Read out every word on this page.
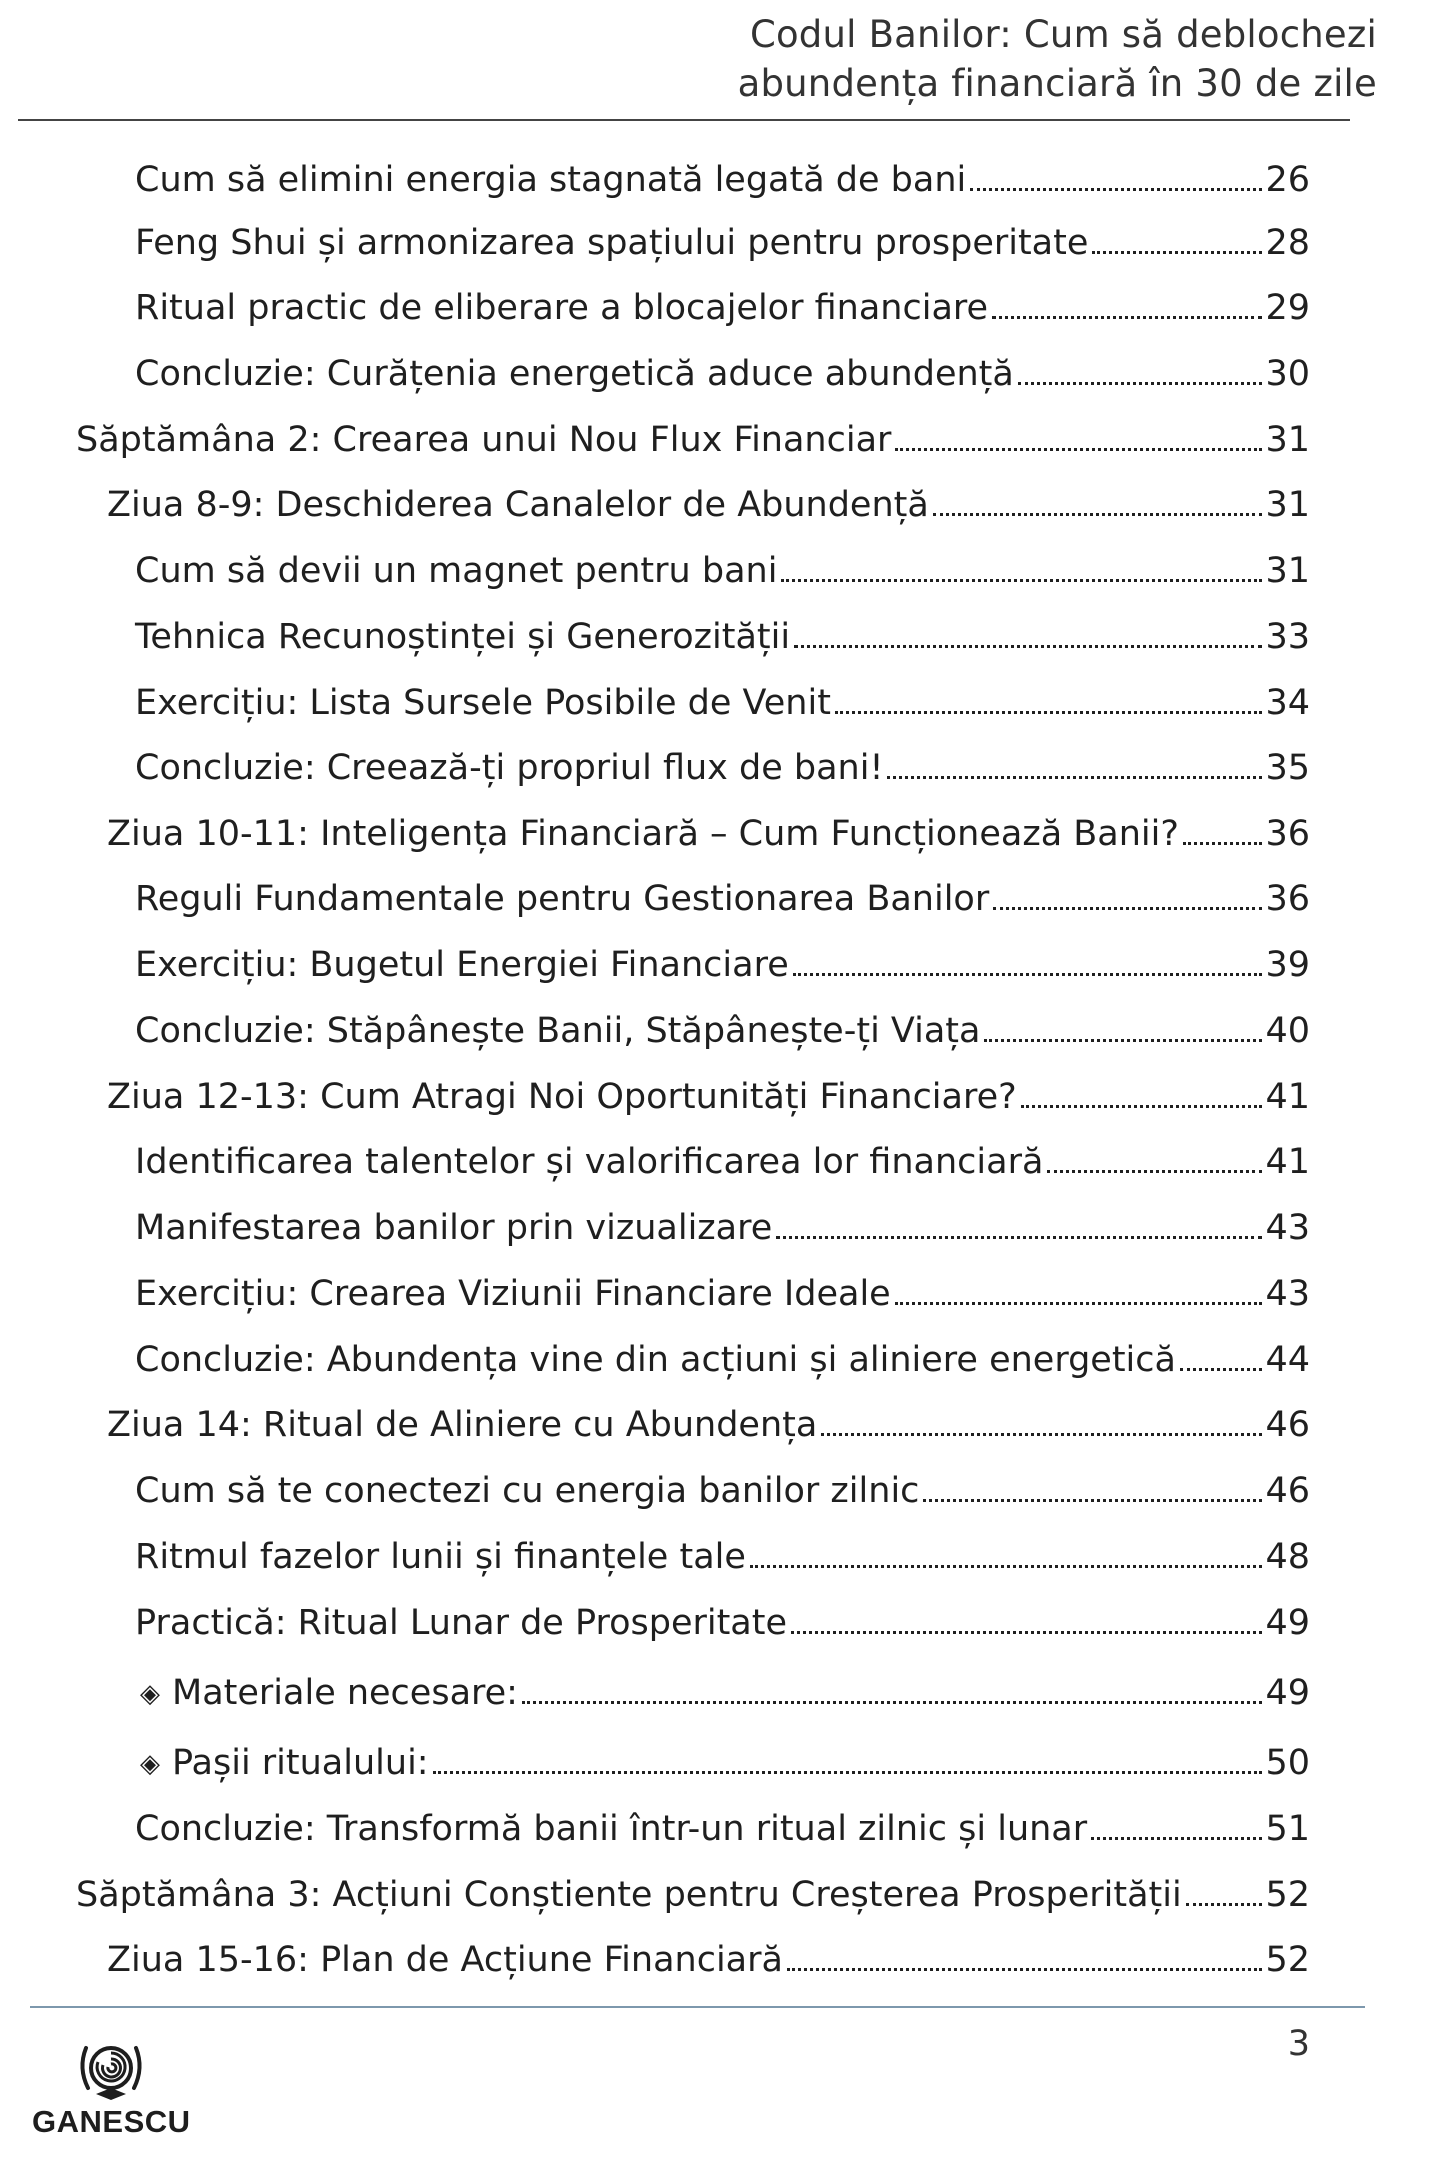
Codul Banilor: Cum să deblochezi
abundența financiară în 30 de zile
Cum să elimini energia stagnată legată de bani	26
Feng Shui și armonizarea spațiului pentru prosperitate	28
Ritual practic de eliberare a blocajelor financiare	29
Concluzie: Curățenia energetică aduce abundență	30
Săptămâna 2: Crearea unui Nou Flux Financiar	31
Ziua 8-9: Deschiderea Canalelor de Abundență	31
Cum să devii un magnet pentru bani	31
Tehnica Recunoștinței și Generozității	33
Exercițiu: Lista Sursele Posibile de Venit	34
Concluzie: Creează-ți propriul flux de bani!	35
Ziua 10-11: Inteligența Financiară – Cum Funcționează Banii? 36
Reguli Fundamentale pentru Gestionarea Banilor	36
Exercițiu: Bugetul Energiei Financiare	39
Concluzie: Stăpânește Banii, Stăpânește-ți Viața	40
Ziua 12-13: Cum Atragi Noi Oportunități Financiare?	41
Identificarea talentelor și valorificarea lor financiară	41
Manifestarea banilor prin vizualizare	43
Exercițiu: Crearea Viziunii Financiare Ideale	43
Concluzie: Abundența vine din acțiuni și aliniere energetică	44
Ziua 14: Ritual de Aliniere cu Abundența	46
Cum să te conectezi cu energia banilor zilnic	46
Ritmul fazelor lunii și finanțele tale	48
Practică: Ritual Lunar de Prosperitate	49
◈ Materiale necesare:	49
◈ Pașii ritualului:	50
Concluzie: Transformă banii într-un ritual zilnic și lunar	51
Săptămâna 3: Acțiuni Conștiente pentru Creșterea Prosperității 52
Ziua 15-16: Plan de Acțiune Financiară	52
3
GANESCU
